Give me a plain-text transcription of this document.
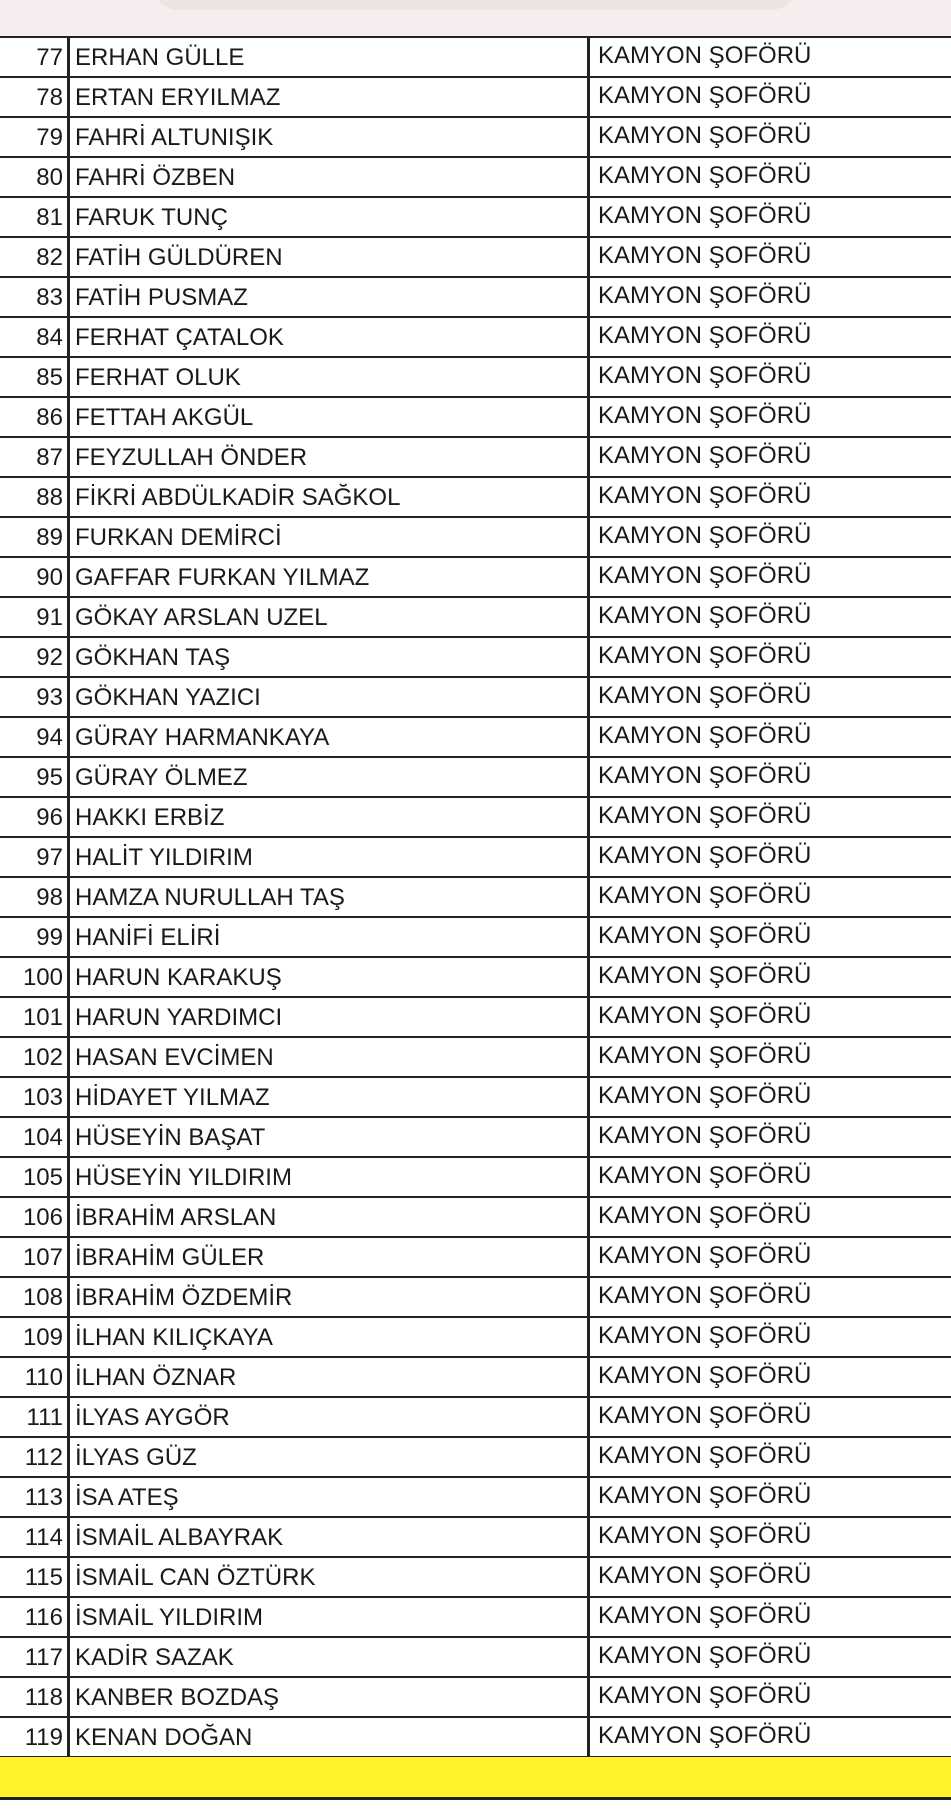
77 ERHAN GÜLLE	KAMYON ŞOFÖRÜ
78 ERTAN ERYILMAZ	KAMYON ŞOFÖRÜ
79 FAHRİ ALTUNIŞIK	KAMYON ŞOFÖRÜ
80 FAHRİ ÖZBEN	KAMYON ŞOFÖRÜ
81 FARUK TUNÇ	KAMYON ŞOFÖRÜ
82 FATİH GÜLDÜREN	KAMYON ŞOFÖRÜ
83 FATİH PUSMAZ	KAMYON ŞOFÖRÜ
84 FERHAT ÇATALOK	KAMYON ŞOFÖRÜ
85 FERHAT OLUK	KAMYON ŞOFÖRÜ
86 FETTAH AKGÜL	KAMYON ŞOFÖRÜ
87 FEYZULLAH ÖNDER	KAMYON ŞOFÖRÜ
88 FİKRİ ABDÜLKADİR SAĞKOL	KAMYON ŞOFÖRÜ
89 FURKAN DEMİRCİ	KAMYON ŞOFÖRÜ
90 GAFFAR FURKAN YILMAZ	KAMYON ŞOFÖRÜ
91 GÖKAY ARSLAN UZEL	KAMYON ŞOFÖRÜ
92 GÖKHAN TAŞ	KAMYON ŞOFÖRÜ
93 GÖKHAN YAZICI	KAMYON ŞOFÖRÜ
94 GÜRAY HARMANKAYA	KAMYON ŞOFÖRÜ
95 GÜRAY ÖLMEZ	KAMYON ŞOFÖRÜ
96 HAKKI ERBİZ	KAMYON ŞOFÖRÜ
97 HALİT YILDIRIM	KAMYON ŞOFÖRÜ
98 HAMZA NURULLAH TAŞ	KAMYON ŞOFÖRÜ
99 HANİFİ ELİRİ	KAMYON ŞOFÖRÜ
100 HARUN KARAKUŞ	KAMYON ŞOFÖRÜ
101 HARUN YARDIMCI	KAMYON ŞOFÖRÜ
102 HASAN EVCİMEN	KAMYON ŞOFÖRÜ
103 HİDAYET YILMAZ	KAMYON ŞOFÖRÜ
104 HÜSEYİN BAŞAT	KAMYON ŞOFÖRÜ
105 HÜSEYİN YILDIRIM	KAMYON ŞOFÖRÜ
106 İBRAHİM ARSLAN	KAMYON ŞOFÖRÜ
107 İBRAHİM GÜLER	KAMYON ŞOFÖRÜ
108 İBRAHİM ÖZDEMİR	KAMYON ŞOFÖRÜ
109 İLHAN KILIÇKAYA	KAMYON ŞOFÖRÜ
110 İLHAN ÖZNAR	KAMYON ŞOFÖRÜ
111 İLYAS AYGÖR	KAMYON ŞOFÖRÜ
112 İLYAS GÜZ	KAMYON ŞOFÖRÜ
113 İSA ATEŞ	KAMYON ŞOFÖRÜ
114 İSMAİL ALBAYRAK	KAMYON ŞOFÖRÜ
115 İSMAİL CAN ÖZTÜRK	KAMYON ŞOFÖRÜ
116 İSMAİL YILDIRIM	KAMYON ŞOFÖRÜ
117 KADİR SAZAK	KAMYON ŞOFÖRÜ
118 KANBER BOZDAŞ	KAMYON ŞOFÖRÜ
119 KENAN DOĞAN	KAMYON ŞOFÖRÜ
